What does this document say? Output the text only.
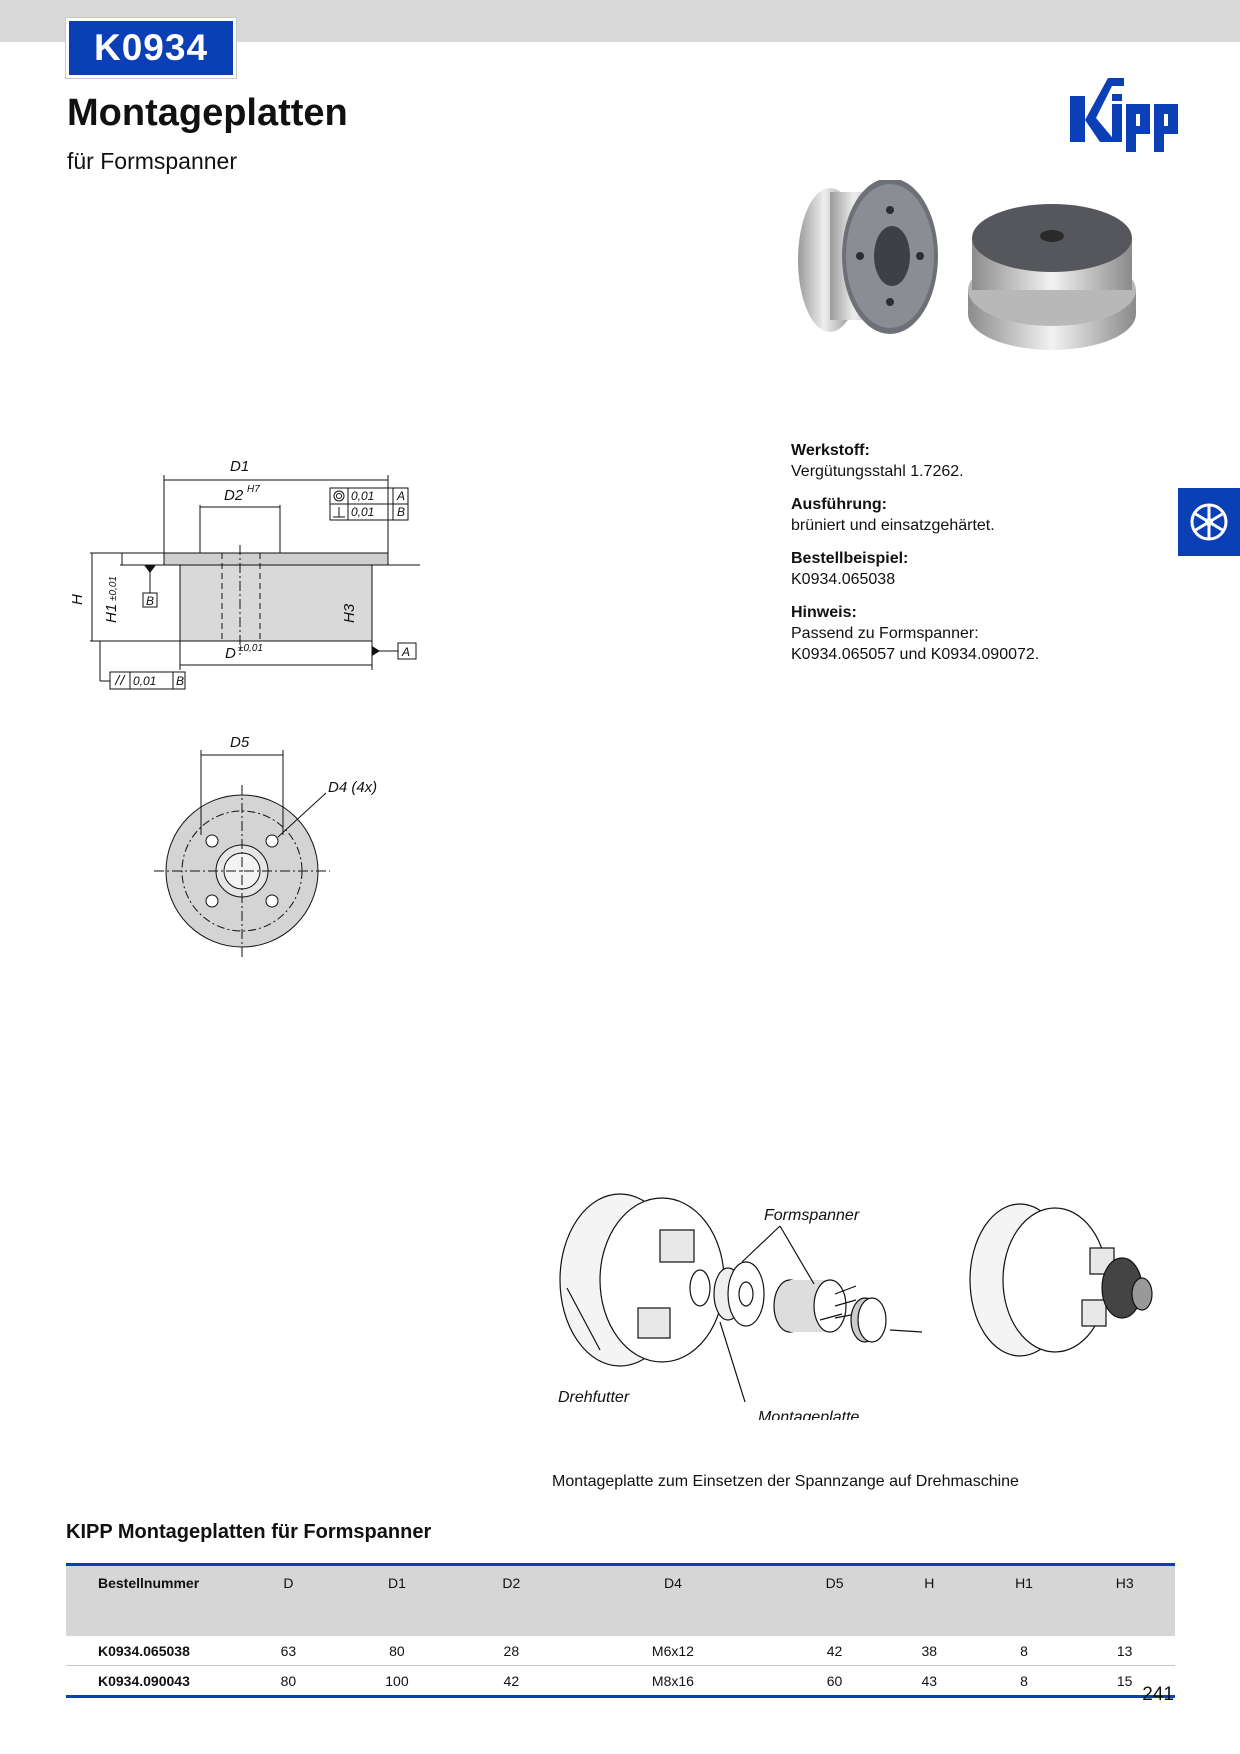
K0934
Montageplatten
für Formspanner
D1
D2 H7
D ±0,01
H
H1
±0,01
H3
B
A
0,01 A
0,01 B
0,01 B
D5
D4 (4x)
Werkstoff:
Vergütungsstahl 1.7262.
Ausführung:
brüniert und einsatzgehärtet.
Bestellbeispiel:
K0934.065038
Hinweis:
Passend zu Formspanner:
K0934.065057 und K0934.090072.
Formspanner
Drehfutter
Montageplatte
Montageplatte zum Einsetzen der Spannzange auf Drehmaschine
KIPP Montageplatten für Formspanner
Bestellnummer	D	D1	D2	D4	D5	H	H1	H3
K0934.065038	63	80	28	M6x12	42	38	8	13
K0934.090043	80	100	42	M8x16	60	43	8	15
241
